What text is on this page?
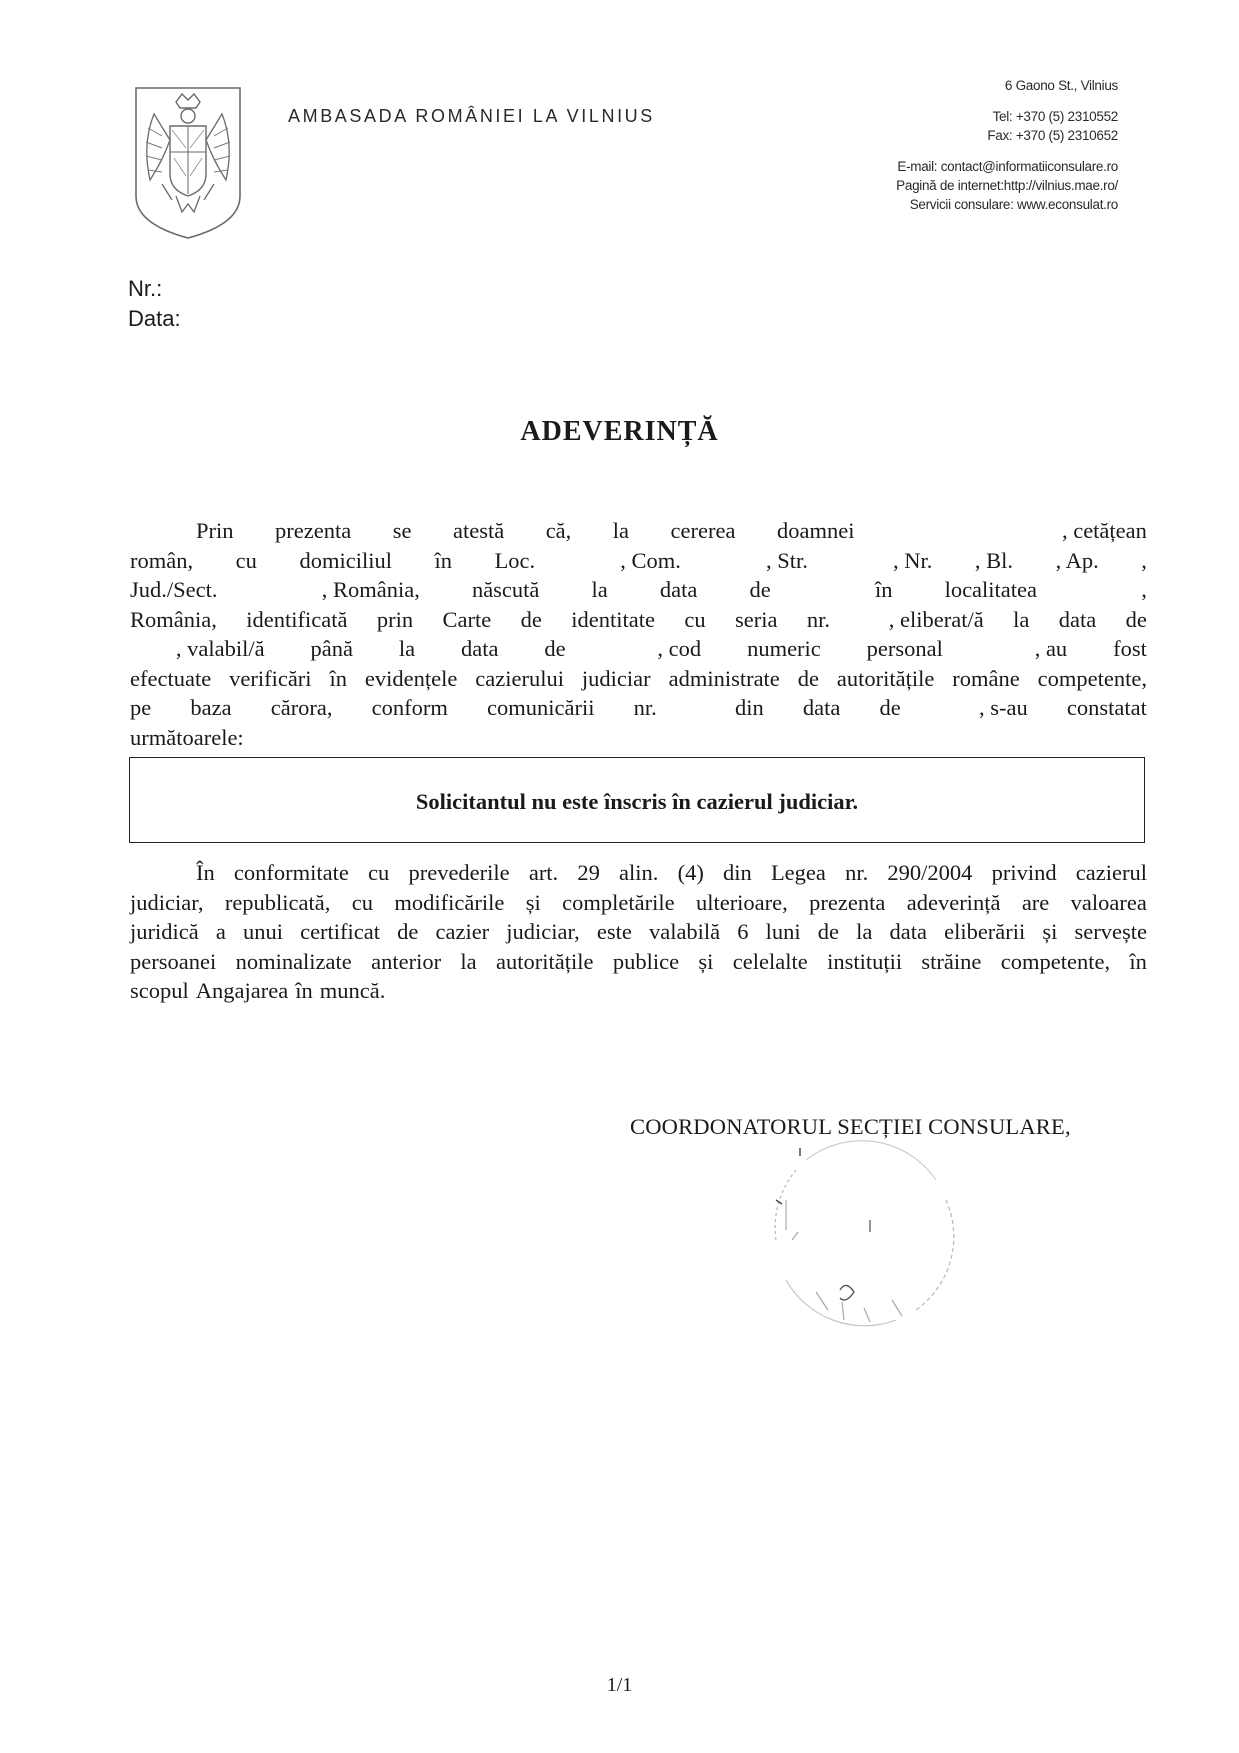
AMBASADA ROMÂNIEI LA VILNIUS
6 Gaono St., Vilnius
Tel: +370 (5) 2310552
Fax: +370 (5) 2310652
E-mail: contact@informatiiconsulare.ro
Pagină de internet:http://vilnius.mae.ro/
Servicii consulare: www.econsulat.ro
Nr.:
Data:
ADEVERINȚĂ
Prin prezenta se atestă că, la cererea doamnei	, cetățean
român, cu domiciliul în Loc.	, Com.	, Str.	, Nr. , Bl. , Ap. ,
Jud./Sect.	, România, născută la data de	în localitatea	,
România, identificată prin Carte de identitate cu seria nr.	, eliberat/ă la data de
, valabil/ă până la data de	, cod numeric personal	, au fost
efectuate verificări în evidențele cazierului judiciar administrate de autoritățile române competente,
pe baza cărora, conform comunicării nr.	din data de	, s-au constatat
următoarele:
Solicitantul nu este înscris în cazierul judiciar.
În conformitate cu prevederile art. 29 alin. (4) din Legea nr. 290/2004 privind cazierul
judiciar, republicată, cu modificările și completările ulterioare, prezenta adeverință are valoarea
juridică a unui certificat de cazier judiciar, este valabilă 6 luni de la data eliberării și servește
persoanei nominalizate anterior la autoritățile publice și celelalte instituții străine competente, în
scopul Angajarea în muncă.
COORDONATORUL SECȚIEI CONSULARE,
1/1
